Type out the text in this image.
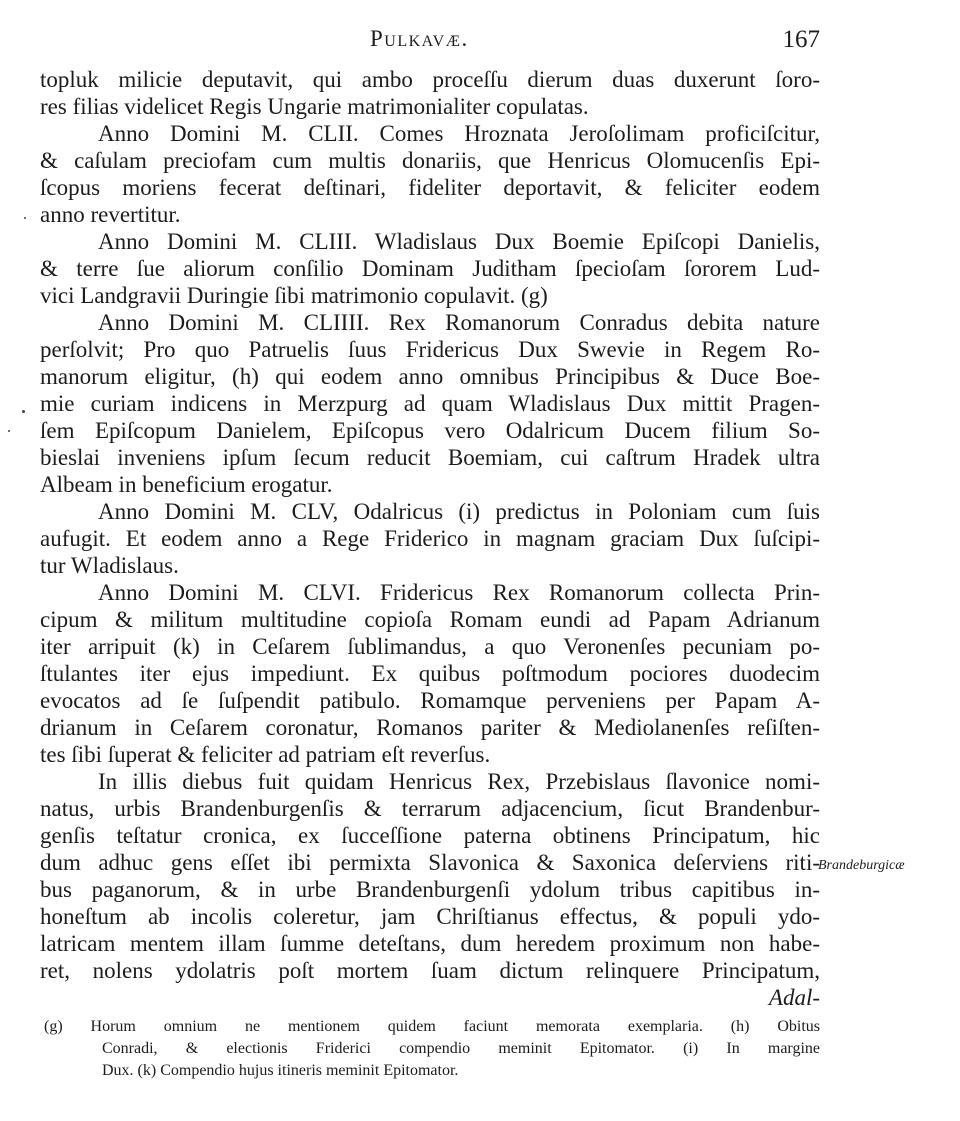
Pulkavæ.	167
topluk milicie deputavit, qui ambo proceſſu dierum duas duxerunt ſoro-
res filias videlicet Regis Ungarie matrimonialiter copulatas.
Anno Domini M. CLII. Comes Hroznata Jeroſolimam proficiſcitur,
& caſulam preciofam cum multis donariis, que Henricus Olomucenſis Epi-
ſcopus moriens fecerat deſtinari, fideliter deportavit, & feliciter eodem
anno revertitur.
Anno Domini M. CLIII. Wladislaus Dux Boemie Epiſcopi Danielis,
& terre ſue aliorum conſilio Dominam Juditham ſpecioſam ſororem Lud-
vici Landgravii Duringie ſibi matrimonio copulavit. (g)
Anno Domini M. CLIIII. Rex Romanorum Conradus debita nature
perſolvit; Pro quo Patruelis ſuus Fridericus Dux Swevie in Regem Ro-
manorum eligitur, (h) qui eodem anno omnibus Principibus & Duce Boe-
mie curiam indicens in Merzpurg ad quam Wladislaus Dux mittit Pragen-
ſem Epiſcopum Danielem, Epiſcopus vero Odalricum Ducem filium So-
bieslai inveniens ipſum ſecum reducit Boemiam, cui caſtrum Hradek ultra
Albeam in beneficium erogatur.
Anno Domini M. CLV, Odalricus (i) predictus in Poloniam cum ſuis
aufugit. Et eodem anno a Rege Friderico in magnam graciam Dux ſuſcipi-
tur Wladislaus.
Anno Domini M. CLVI. Fridericus Rex Romanorum collecta Prin-
cipum & militum multitudine copioſa Romam eundi ad Papam Adrianum
iter arripuit (k) in Ceſarem ſublimandus, a quo Veronenſes pecuniam po-
ſtulantes iter ejus impediunt. Ex quibus poſtmodum pociores duodecim
evocatos ad ſe ſuſpendit patibulo. Romamque perveniens per Papam A-
drianum in Ceſarem coronatur, Romanos pariter & Mediolanenſes reſiſten-
tes ſibi ſuperat & feliciter ad patriam eſt reverſus.
In illis diebus fuit quidam Henricus Rex, Przebislaus ſlavonice nomi-
natus, urbis Brandenburgenſis & terrarum adjacencium, ſicut Brandenbur-
genſis teſtatur cronica, ex ſucceſſione paterna obtinens Principatum, hic
dum adhuc gens eſſet ibi permixta Slavonica & Saxonica deſerviens riti-
bus paganorum, & in urbe Brandenburgenſi ydolum tribus capitibus in-
honeſtum ab incolis coleretur, jam Chriſtianus effectus, & populi ydo-
latricam mentem illam ſumme deteſtans, dum heredem proximum non habe-
ret, nolens ydolatris poſt mortem ſuam dictum relinquere Principatum,
Adal-
Brandeburgicæ
(g) Horum omnium ne mentionem quidem faciunt memorata exemplaria. (h) Obitus
Conradi, & electionis Friderici compendio meminit Epitomator. (i) In margine
Dux. (k) Compendio hujus itineris meminit Epitomator.
